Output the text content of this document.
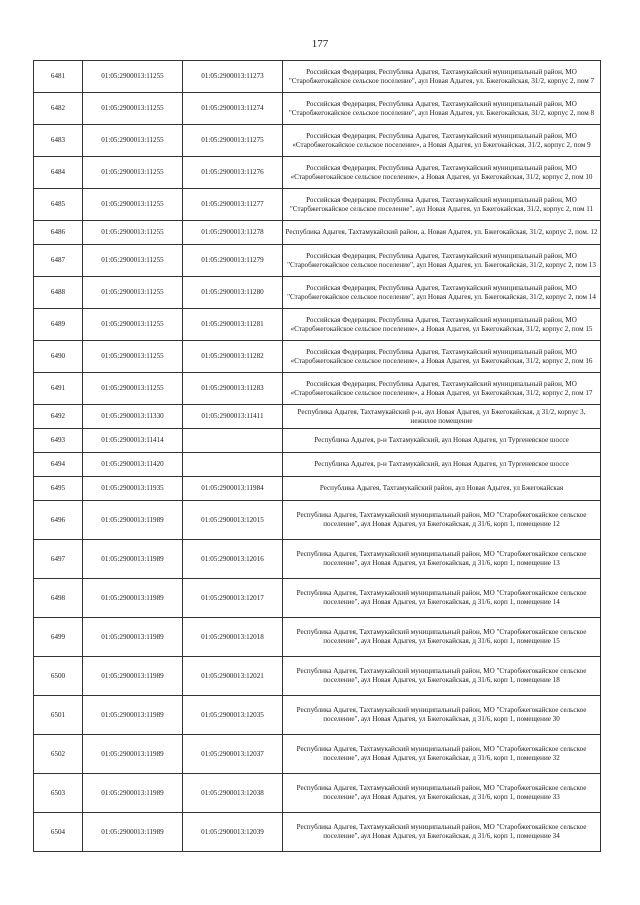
177
6481	01:05:2900013:11255	01:05:2900013:11273	Российская Федерация, Республика Адыгея, Тахтамукайский муниципальный район, МО "Старобжегокайское сельское поселение", аул Новая Адыгея, ул. Бжегокайская, 31/2, корпус 2, пом 7
6482	01:05:2900013:11255	01:05:2900013:11274	Российская Федерация, Республика Адыгея, Тахтамукайский муниципальный район, МО "Старобжегокайское сельское поселение", аул Новая Адыгея, ул. Бжегокайская, 31/2, корпус 2, пом 8
6483	01:05:2900013:11255	01:05:2900013:11275	Российская Федерация, Республика Адыгея, Тахтамукайский муниципальный район, МО «Старобжегокайское сельское поселение», а Новая Адыгея, ул Бжегокайская, 31/2, корпус 2, пом 9
6484	01:05:2900013:11255	01:05:2900013:11276	Российская Федерация, Республика Адыгея, Тахтамукайский муниципальный район, МО «Старобжегокайское сельское поселение», а Новая Адыгея, ул Бжегокайская, 31/2, корпус 2, пом 10
6485	01:05:2900013:11255	01:05:2900013:11277	Российская Федерация, Республика Адыгея, Тахтамукайский муниципальный район, МО "Старбжегокайское сельское поселение", аул Новая Адыгея, ул Бжегокайская, 31/2, корпус 2, пом 11
6486	01:05:2900013:11255	01:05:2900013:11278	Республика Адыгея, Тахтамукайский район, а. Новая Адыгея, ул. Бжегокайская, 31/2, корпус 2, пом. 12
6487	01:05:2900013:11255	01:05:2900013:11279	Российская Федерация, Республика Адыгея, Тахтамукайский муниципальный район, МО "Старобжегокайское сельское поселение", аул Новая Адыгея, ул. Бжегокайская, 31/2, корпус 2, пом 13
6488	01:05:2900013:11255	01:05:2900013:11280	Российская Федерация, Республика Адыгея, Тахтамукайский муниципальный район, МО "Старобжегокайское сельское поселение", аул Новая Адыгея, ул. Бжегокайская, 31/2, корпус 2, пом 14
6489	01:05:2900013:11255	01:05:2900013:11281	Российская Федерация, Республика Адыгея, Тахтамукайский муниципальный район, МО «Старобжегокайское сельское поселение», а Новая Адыгея, ул Бжегокайская, 31/2, корпус 2, пом 15
6490	01:05:2900013:11255	01:05:2900013:11282	Российская Федерация, Республика Адыгея, Тахтамукайский муниципальный район, МО «Старобжегокайское сельское поселение», а Новая Адыгея, ул Бжегокайская, 31/2, корпус 2, пом 16
6491	01:05:2900013:11255	01:05:2900013:11283	Российская Федерация, Республика Адыгея, Тахтамукайский муниципальный район, МО «Старобжегокайское сельское поселение», а Новая Адыгея, ул Бжегокайская, 31/2, корпус 2, пом 17
6492	01:05:2900013:11330	01:05:2900013:11411	Республика Адыгея, Тахтамукайский р-н, аул Новая Адыгея, ул Бжегокайская, д 31/2, корпус 3, нежилое помещение
6493	01:05:2900013:11414		Республика Адыгея, р-н Тахтамукайский, аул Новая Адыгея, ул Тургеневское шоссе
6494	01:05:2900013:11420		Республика Адыгея, р-н Тахтамукайский, аул Новая Адыгея, ул Тургеневское шоссе
6495	01:05:2900013:11935	01:05:2900013:11984	Республика Адыгея, Тахтамукайский район, аул Новая Адыгея, ул Бжегокайская
6496	01:05:2900013:11989	01:05:2900013:12015	Республика Адыгея, Тахтамукайский муниципальный район, МО "Старобжегокайское сельское поселение", аул Новая Адыгея, ул Бжегокайская, д 31/6, корп 1, помещение 12
6497	01:05:2900013:11989	01:05:2900013:12016	Республика Адыгея, Тахтамукайский муниципальный район, МО "Старобжегокайское сельское поселение", аул Новая Адыгея, ул Бжегокайская, д 31/6, корп 1, помещение 13
6498	01:05:2900013:11989	01:05:2900013:12017	Республика Адыгея, Тахтамукайский муниципальный район, МО "Старобжегокайское сельское поселение", аул Новая Адыгея, ул Бжегокайская, д 31/6, корп 1, помещение 14
6499	01:05:2900013:11989	01:05:2900013:12018	Республика Адыгея, Тахтамукайский муниципальный район, МО "Старобжегокайское сельское поселение", аул Новая Адыгея, ул Бжегокайская, д 31/6, корп 1, помещение 15
6500	01:05:2900013:11989	01:05:2900013:12021	Республика Адыгея, Тахтамукайский муниципальный район, МО "Старобжегокайское сельское поселение", аул Новая Адыгея, ул Бжегокайская, д 31/6, корп 1, помещение 18
6501	01:05:2900013:11989	01:05:2900013:12035	Республика Адыгея, Тахтамукайский муниципальный район, МО "Старобжегокайское сельское поселение", аул Новая Адыгея, ул Бжегокайская, д 31/6, корп 1, помещение 30
6502	01:05:2900013:11989	01:05:2900013:12037	Республика Адыгея, Тахтамукайский муниципальный район, МО "Старобжегокайское сельское поселение", аул Новая Адыгея, ул Бжегокайская, д 31/6, корп 1, помещение 32
6503	01:05:2900013:11989	01:05:2900013:12038	Республика Адыгея, Тахтамукайский муниципальный район, МО "Старобжегокайское сельское поселение", аул Новая Адыгея, ул Бжегокайская, д 31/6, корп 1, помещение 33
6504	01:05:2900013:11989	01:05:2900013:12039	Республика Адыгея, Тахтамукайский муниципальный район, МО "Старобжегокайское сельское поселение", аул Новая Адыгея, ул Бжегокайская, д 31/6, корп 1, помещение 34
